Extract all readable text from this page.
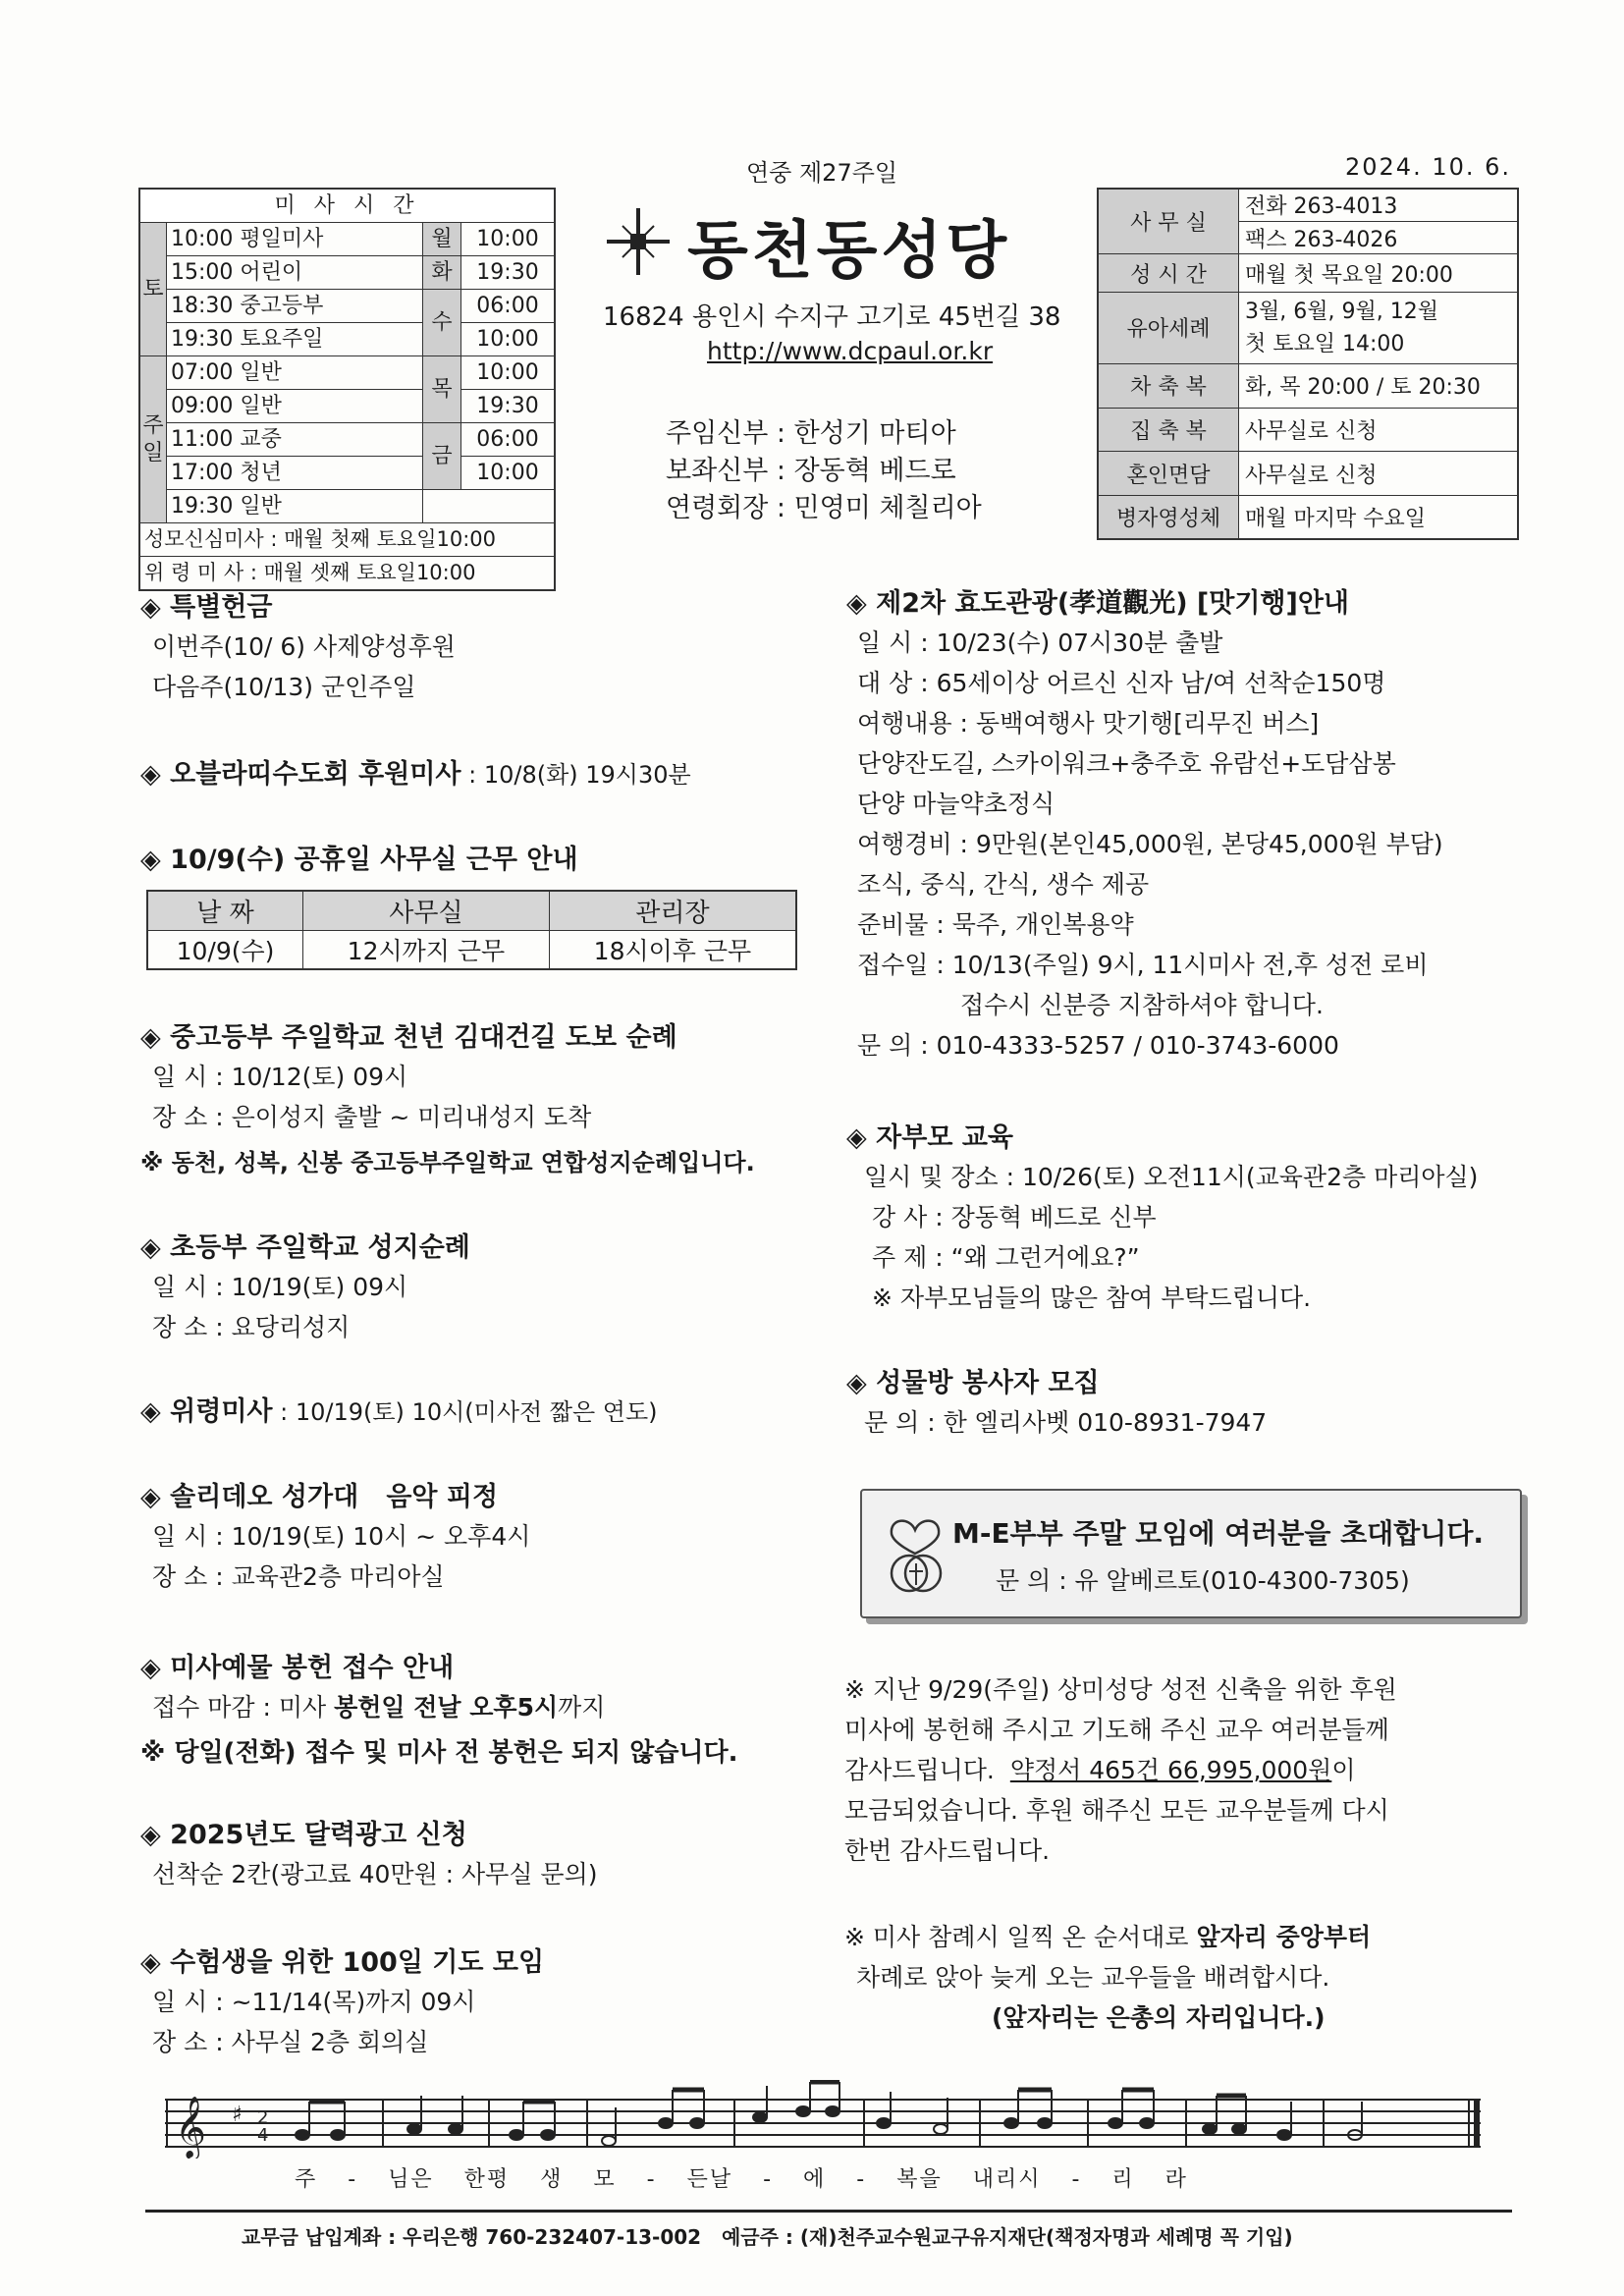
연중 제27주일	2024. 10. 6.
미 사 시 간			
토	10:00 평일미사	월	10:00
	15:00 어린이	화	19:30
	18:30 중고등부	수	06:00
	19:30 토요주일		10:00
주일	07:00 일반	목	10:00
	09:00 일반		19:30
	11:00 교중	금	06:00
	17:00 청년		10:00
	19:30 일반		
성모신심미사 : 매월 첫째 토요일10:00			
위 령 미 사 : 매월 셋째 토요일10:00			
동천동성당
16824 용인시 수지구 고기로 45번길 38
http://www.dcpaul.or.kr
주임신부 : 한성기 마티아
보좌신부 : 장동혁 베드로
연령회장 : 민영미 체칠리아
사 무 실	전화 263-4013
	팩스 263-4026
성 시 간	매월 첫 목요일 20:00
유아세례	3월, 6월, 9월, 12월
첫 토요일 14:00

차 축 복	화, 목 20:00 / 토 20:30
집 축 복	사무실로 신청
혼인면담	사무실로 신청
병자영성체	매월 마지막 수요일
◈ 특별헌금
이번주(10/ 6) 사제양성후원
다음주(10/13) 군인주일
◈ 오블라띠수도회 후원미사 : 10/8(화) 19시30분
◈ 10/9(수) 공휴일 사무실 근무 안내
날 짜	사무실	관리장
10/9(수)	12시까지 근무	18시이후 근무
◈ 중고등부 주일학교 천년 김대건길 도보 순례
일 시 : 10/12(토) 09시
장 소 : 은이성지 출발 ~ 미리내성지 도착
※ 동천, 성복, 신봉 중고등부주일학교 연합성지순례입니다.
◈ 초등부 주일학교 성지순례
일 시 : 10/19(토) 09시
장 소 : 요당리성지
◈ 위령미사 : 10/19(토) 10시(미사전 짧은 연도)
◈ 솔리데오 성가대   음악 피정
일 시 : 10/19(토) 10시 ~ 오후4시
장 소 : 교육관2층 마리아실
◈ 미사예물 봉헌 접수 안내
접수 마감 : 미사 봉헌일 전날 오후5시까지
※ 당일(전화) 접수 및 미사 전 봉헌은 되지 않습니다.
◈ 2025년도 달력광고 신청
선착순 2칸(광고료 40만원 : 사무실 문의)
◈ 수험생을 위한 100일 기도 모임
일 시 : ~11/14(목)까지 09시
장 소 : 사무실 2층 회의실
◈ 제2차 효도관광(孝道觀光) [맛기행]안내
일 시 : 10/23(수) 07시30분 출발
대 상 : 65세이상 어르신 신자 남/여 선착순150명
여행내용 : 동백여행사 맛기행[리무진 버스]
단양잔도길, 스카이워크+충주호 유람선+도담삼봉
단양 마늘약초정식
여행경비 : 9만원(본인45,000원, 본당45,000원 부담)
조식, 중식, 간식, 생수 제공
준비물 : 묵주, 개인복용약
접수일 : 10/13(주일) 9시, 11시미사 전,후 성전 로비
접수시 신분증 지참하셔야 합니다.
문 의 : 010-4333-5257 / 010-3743-6000
◈ 자부모 교육
일시 및 장소 : 10/26(토) 오전11시(교육관2층 마리아실)
강 사 : 장동혁 베드로 신부
주 제 : “왜 그런거에요?”
※ 자부모님들의 많은 참여 부탁드립니다.
◈ 성물방 봉사자 모집
문 의 : 한 엘리사벳 010-8931-7947
M-E부부 주말 모임에 여러분을 초대합니다.
문 의 : 유 알베르토(010-4300-7305)
※ 지난 9/29(주일) 상미성당 성전 신축을 위한 후원
미사에 봉헌해 주시고 기도해 주신 교우 여러분들께
감사드립니다. 약정서 465건 66,995,000원이
모금되었습니다. 후원 해주신 모든 교우분들께 다시
한번 감사드립니다.
※ 미사 참례시 일찍 온 순서대로 앞자리 중앙부터
차례로 앉아 늦게 오는 교우들을 배려합시다.
(앞자리는 은총의 자리입니다.)
𝄞 ♯ 2
4
주 - 님은 한평 생 모 - 든날 - 에 - 복을 내리시 - 리 라
교무금 납입계좌 : 우리은행 760-232407-13-002   예금주 : (재)천주교수원교구유지재단(책정자명과 세례명 꼭 기입)
